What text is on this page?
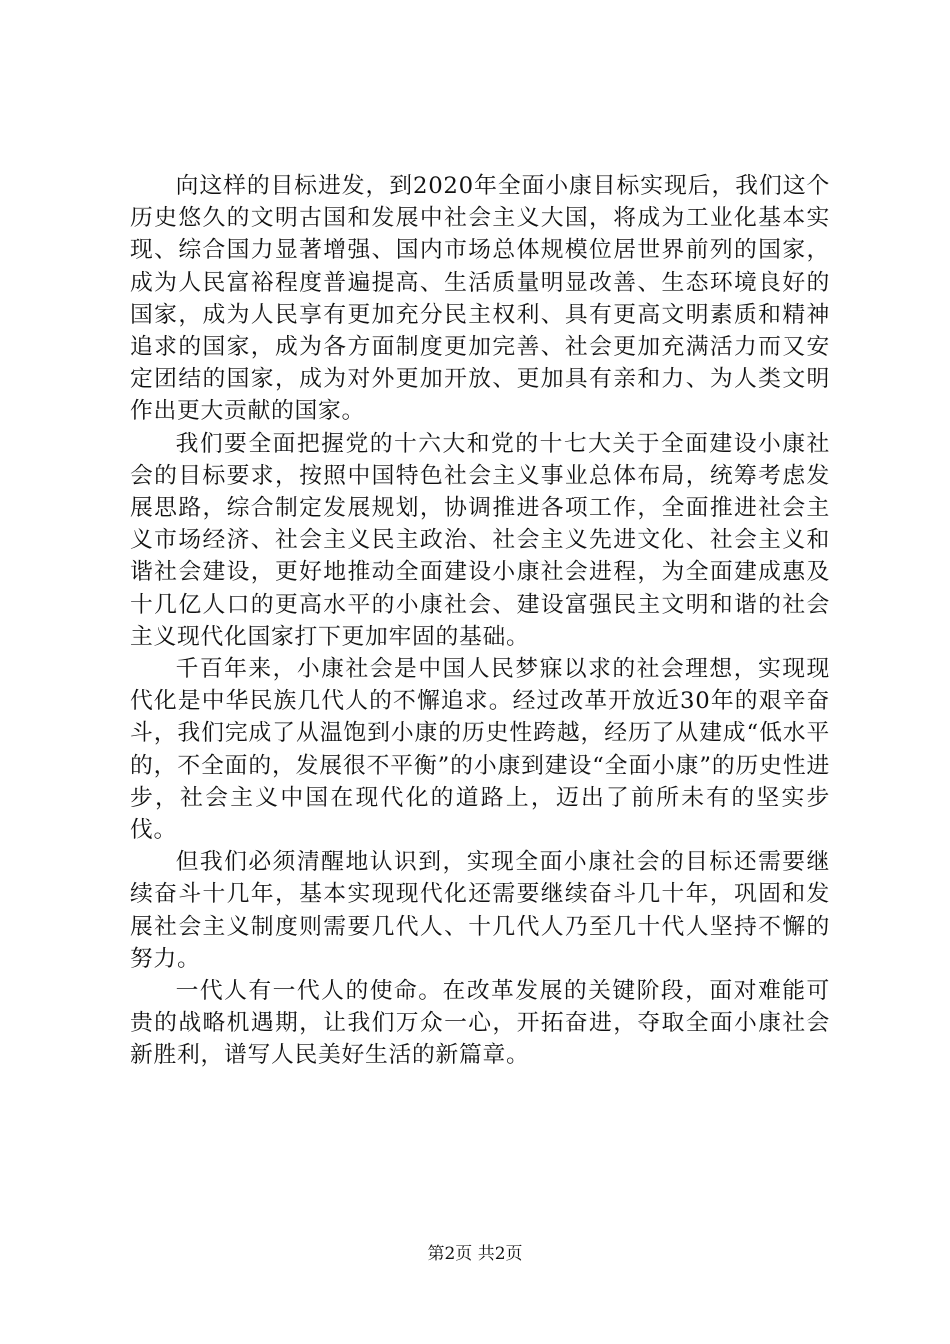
向这样的目标进发，到2020年全面小康目标实现后，我们这个历史悠久的文明古国和发展中社会主义大国，将成为工业化基本实现、综合国力显著增强、国内市场总体规模位居世界前列的国家，成为人民富裕程度普遍提高、生活质量明显改善、生态环境良好的国家，成为人民享有更加充分民主权利、具有更高文明素质和精神追求的国家，成为各方面制度更加完善、社会更加充满活力而又安定团结的国家，成为对外更加开放、更加具有亲和力、为人类文明作出更大贡献的国家。

我们要全面把握党的十六大和党的十七大关于全面建设小康社会的目标要求，按照中国特色社会主义事业总体布局，统筹考虑发展思路，综合制定发展规划，协调推进各项工作，全面推进社会主义市场经济、社会主义民主政治、社会主义先进文化、社会主义和谐社会建设，更好地推动全面建设小康社会进程，为全面建成惠及十几亿人口的更高水平的小康社会、建设富强民主文明和谐的社会主义现代化国家打下更加牢固的基础。

千百年来，小康社会是中国人民梦寐以求的社会理想，实现现代化是中华民族几代人的不懈追求。经过改革开放近30年的艰辛奋斗，我们完成了从温饱到小康的历史性跨越，经历了从建成“低水平的，不全面的，发展很不平衡”的小康到建设“全面小康”的历史性进步，社会主义中国在现代化的道路上，迈出了前所未有的坚实步伐。

但我们必须清醒地认识到，实现全面小康社会的目标还需要继续奋斗十几年，基本实现现代化还需要继续奋斗几十年，巩固和发展社会主义制度则需要几代人、十几代人乃至几十代人坚持不懈的努力。

一代人有一代人的使命。在改革发展的关键阶段，面对难能可贵的战略机遇期，让我们万众一心，开拓奋进，夺取全面小康社会新胜利，谱写人民美好生活的新篇章。

第2页 共2页
